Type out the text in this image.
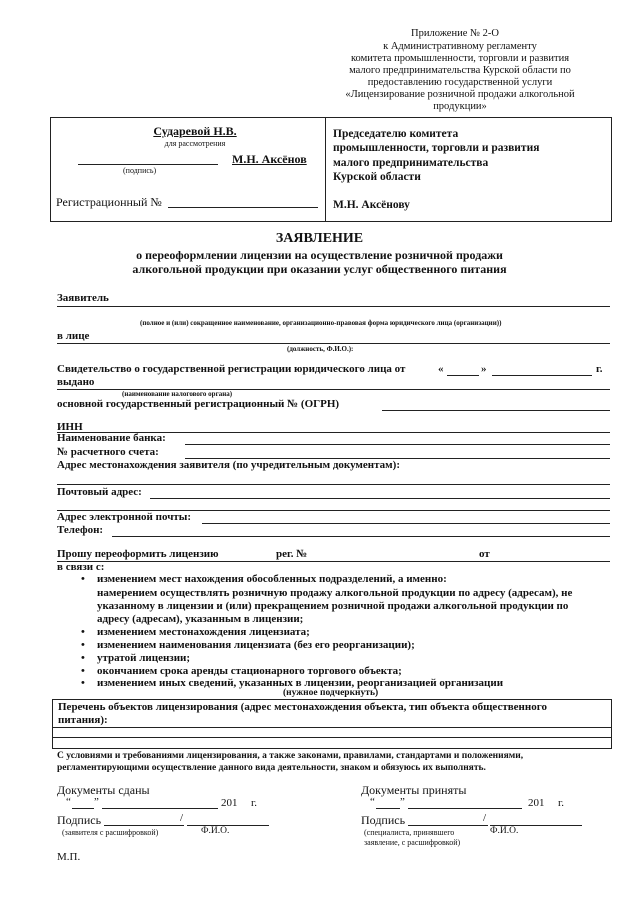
Приложение № 2-О
к Административному регламенту
комитета промышленности, торговли и развития
малого предпринимательства Курской области по
предоставлению государственной услуги
«Лицензирование розничной продажи алкогольной
продукции»
Сударевой Н.В.
для рассмотрения
М.Н. Аксёнов
(подпись)
Регистрационный №
Председателю комитета
промышленности, торговли и развития
малого предпринимательства
Курской области
М.Н. Аксёнову
ЗАЯВЛЕНИЕ
о переоформлении лицензии на осуществление розничной продажи
алкогольной продукции при оказании услуг общественного питания
Заявитель
(полное и (или) сокращенное наименование, организационно-правовая форма юридического лица (организации))
в лице
(должность, Ф.И.О.):
Свидетельство о государственной регистрации юридического лица от	«	»	г.
выдано
(наименование налогового органа)
основной государственный регистрационный № (ОГРН)
ИНН
Наименование банка:
№ расчетного счета:
Адрес местонахождения заявителя (по учредительным документам):
Почтовый адрес:
Адрес электронной почты:
Телефон:
Прошу переоформить лицензию	рег. №	от
в связи с:
• изменением мест нахождения обособленных подразделений, а именно:
намерением осуществлять розничную продажу алкогольной продукции по адресу (адресам), не
указанному в лицензии и (или) прекращением розничной продажи алкогольной продукции по
адресу (адресам), указанным в лицензии;
• изменением местонахождения лицензиата;
• изменением наименования лицензиата (без его реорганизации);
• утратой лицензии;
• окончанием срока аренды стационарного торгового объекта;
• изменением иных сведений, указанных в лицензии, реорганизацией организации
(нужное подчеркнуть)
Перечень объектов лицензирования (адрес местонахождения объекта, тип объекта общественного
питания):
С условиями и требованиями лицензирования, а также законами, правилами, стандартами и положениями,
регламентирующими осуществление данного вида деятельности, знаком и обязуюсь их выполнять.
Документы сданы
“ ”	201 г.
Подпись	/
(заявителя с расшифровкой)	Ф.И.О.
М.П.
Документы приняты
“ ”	201 г.
Подпись	/
(специалиста, принявшего
заявление, с расшифровкой)
Ф.И.О.
